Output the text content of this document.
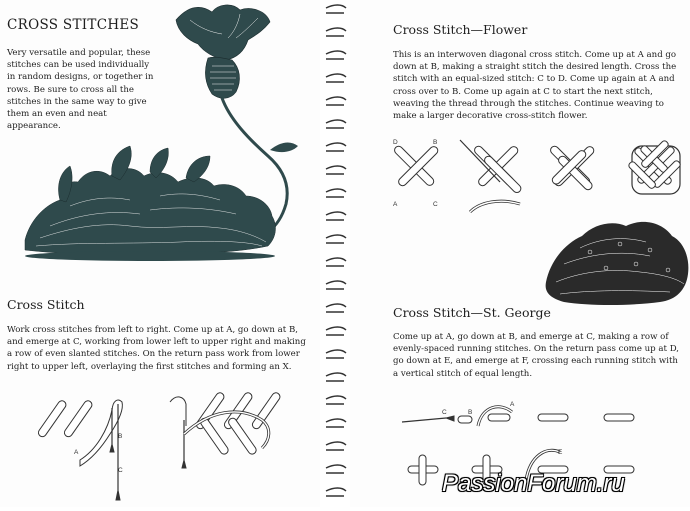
CROSS STITCHES
Very versatile and popular, these stitches can be used individually in random designs, or together in rows. Be sure to cross all the stitches in the same way to give them an even and neat appearance.
Cross Stitch
Work cross stitches from left to right. Come up at A, go down at B, and emerge at C, working from lower left to upper right and making a row of even slanted stitches. On the return pass work from lower right to upper left, overlaying the first stitches and forming an X.
B
C
A
Cross Stitch—Flower
This is an interwoven diagonal cross stitch. Come up at A and go down at B, making a straight stitch the desired length. Cross the stitch with an equal-sized stitch: C to D. Come up again at A and cross over to B. Come up again at C to start the next stitch, weaving the thread through the stitches. Continue weaving to make a larger decorative cross-stitch flower.
D	B
A	C
Cross Stitch—St. George
Come up at A, go down at B, and emerge at C, making a row of evenly-spaced running stitches. On the return pass come up at D, go down at E, and emerge at F, crossing each running stitch with a vertical stitch of equal length.
C	B
A
E
PassionForum.ru
